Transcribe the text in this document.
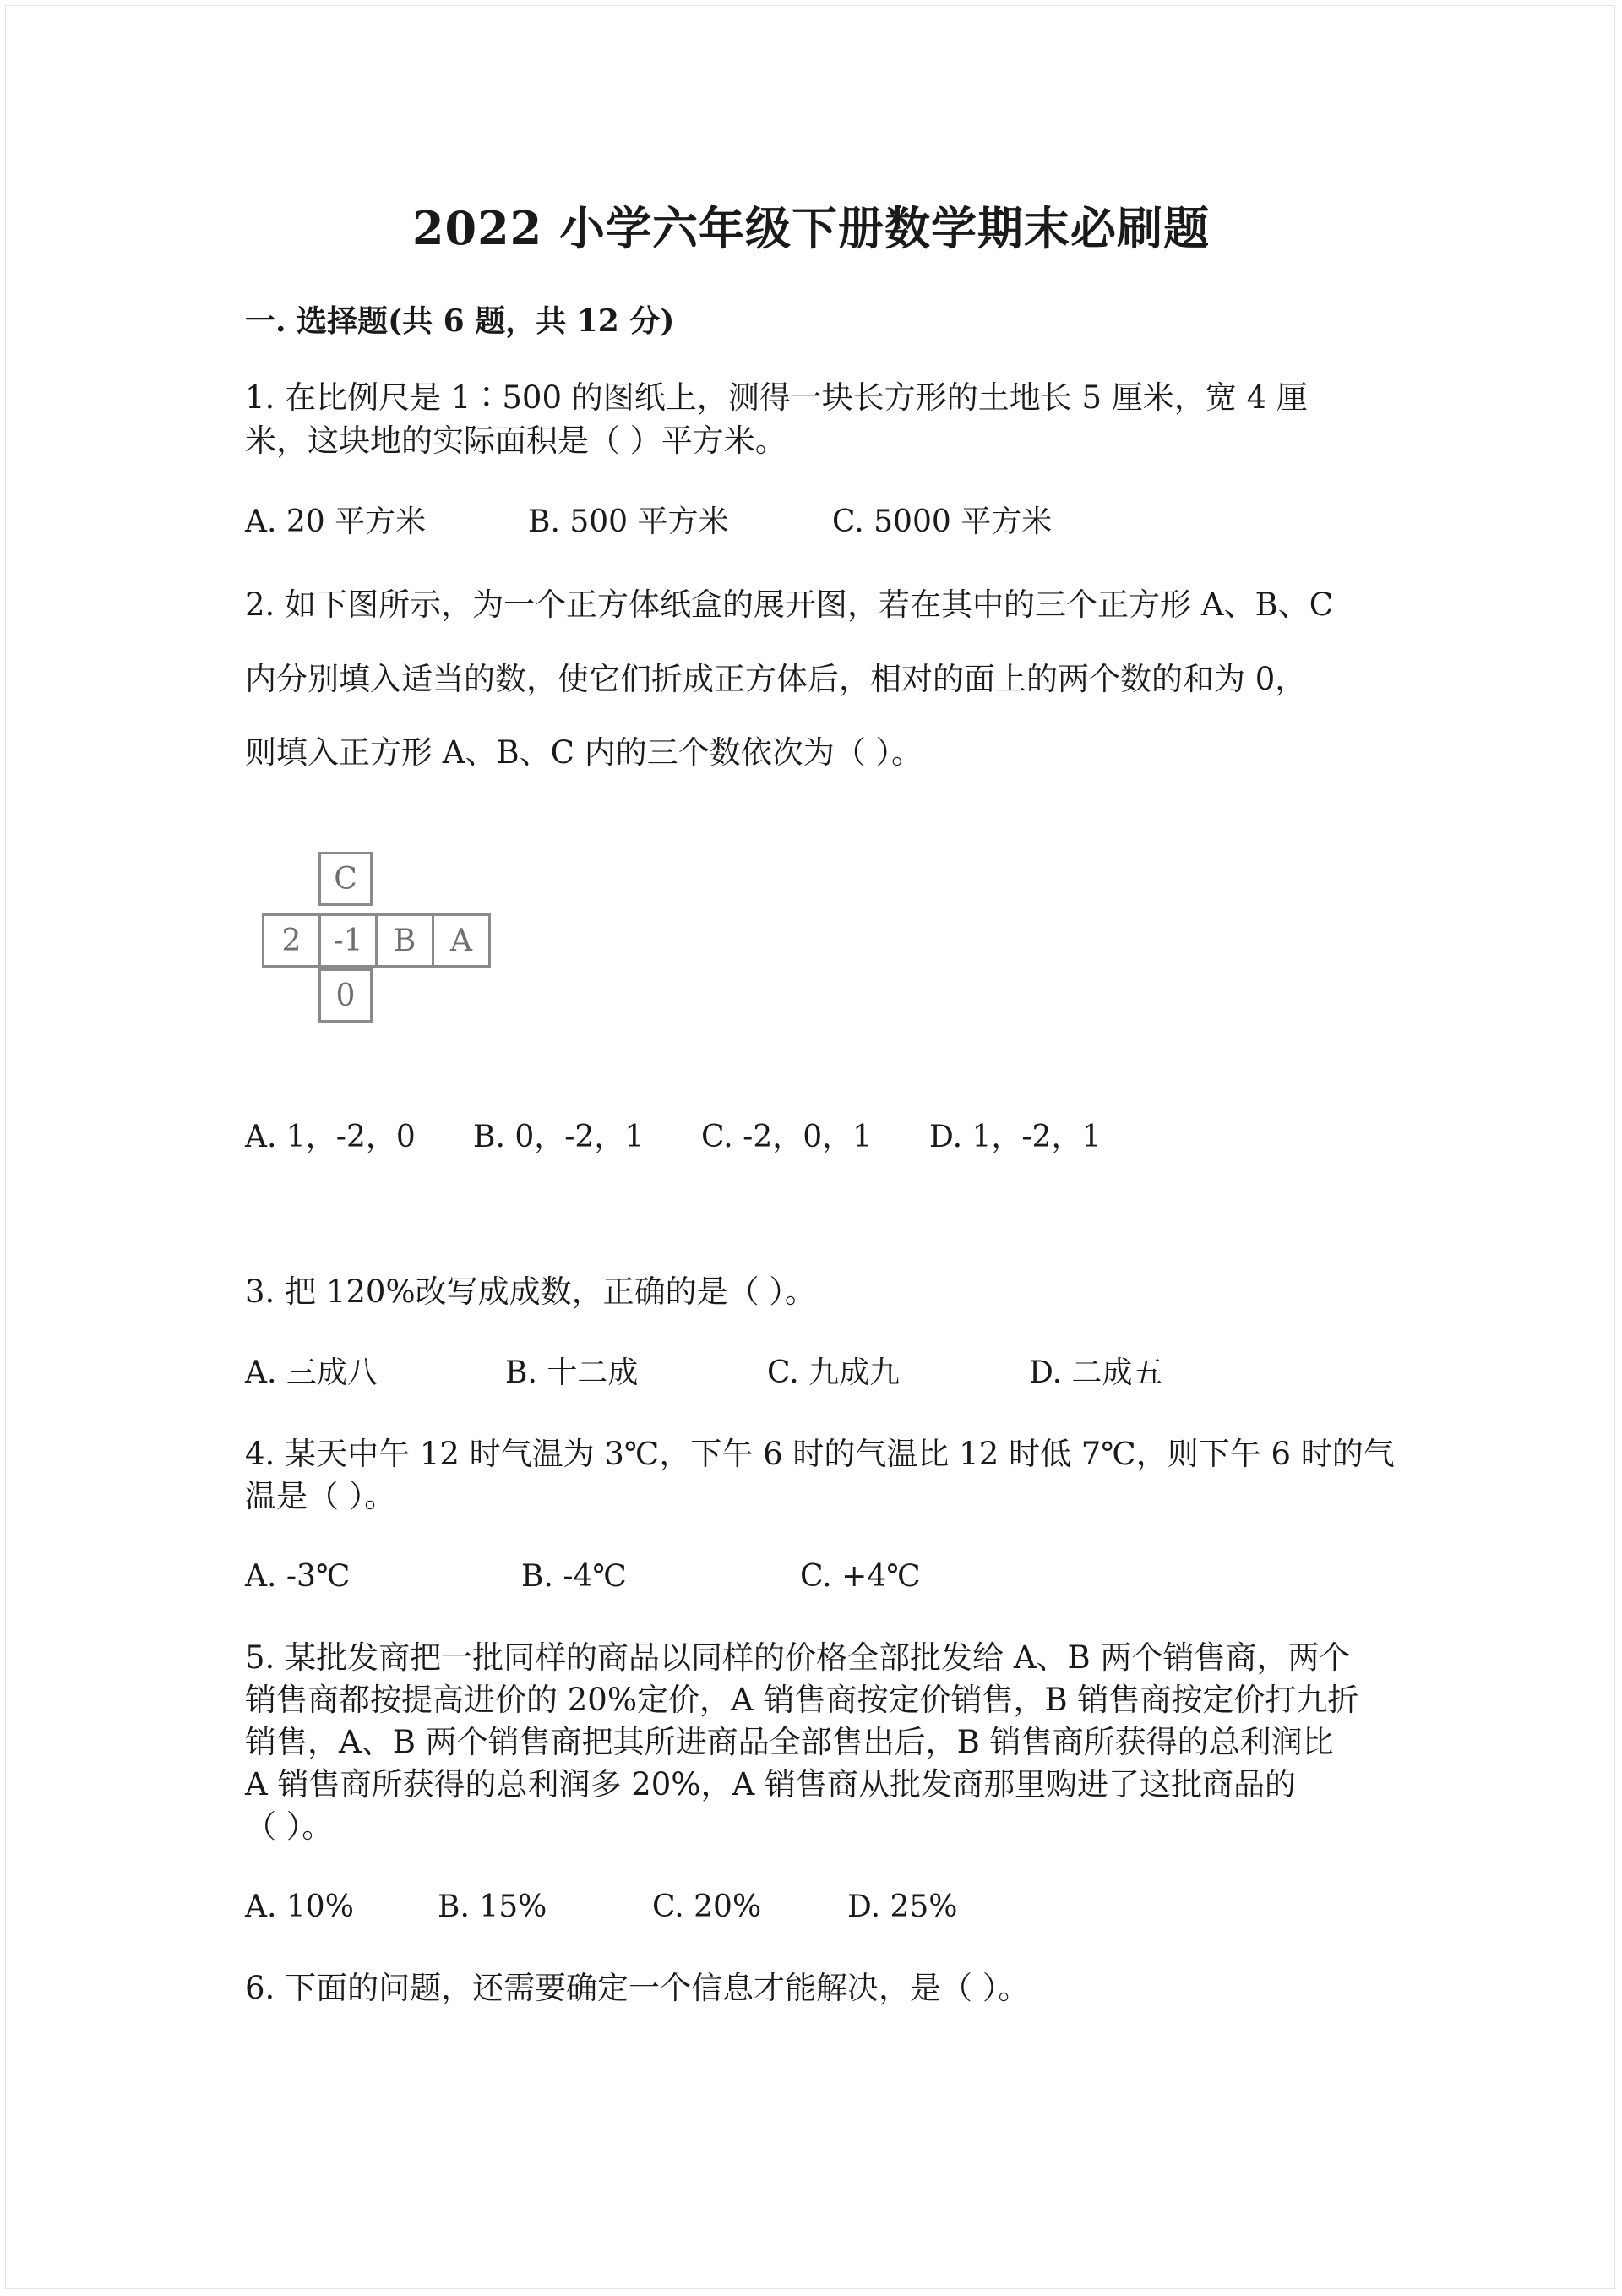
2022 小学六年级下册数学期末必刷题
一. 选择题(共 6 题，共 12 分)
1. 在比例尺是 1∶500 的图纸上，测得一块长方形的土地长 5 厘米，宽 4 厘
米，这块地的实际面积是（ ）平方米。
A. 20 平方米	B. 500 平方米	C. 5000 平方米
2. 如下图所示，为一个正方体纸盒的展开图，若在其中的三个正方形 A、B、C
内分别填入适当的数，使它们折成正方体后，相对的面上的两个数的和为 0，
则填入正方形 A、B、C 内的三个数依次为（ ）。
C
2	-1	B	A
0
A. 1，-2，0 B. 0，-2，1 C. -2，0，1 D. 1，-2，1
3. 把 120%改写成成数，正确的是（ ）。
A. 三成八	B. 十二成	C. 九成九	D. 二成五
4. 某天中午 12 时气温为 3℃，下午 6 时的气温比 12 时低 7℃，则下午 6 时的气
温是（ ）。
A. -3℃	B. -4℃	C. +4℃
5. 某批发商把一批同样的商品以同样的价格全部批发给 A、B 两个销售商，两个
销售商都按提高进价的 20%定价，A 销售商按定价销售，B 销售商按定价打九折
销售，A、B 两个销售商把其所进商品全部售出后，B 销售商所获得的总利润比
A 销售商所获得的总利润多 20%，A 销售商从批发商那里购进了这批商品的
（ ）。
A. 10%	B. 15%	C. 20%	D. 25%
6. 下面的问题，还需要确定一个信息才能解决，是（ ）。
